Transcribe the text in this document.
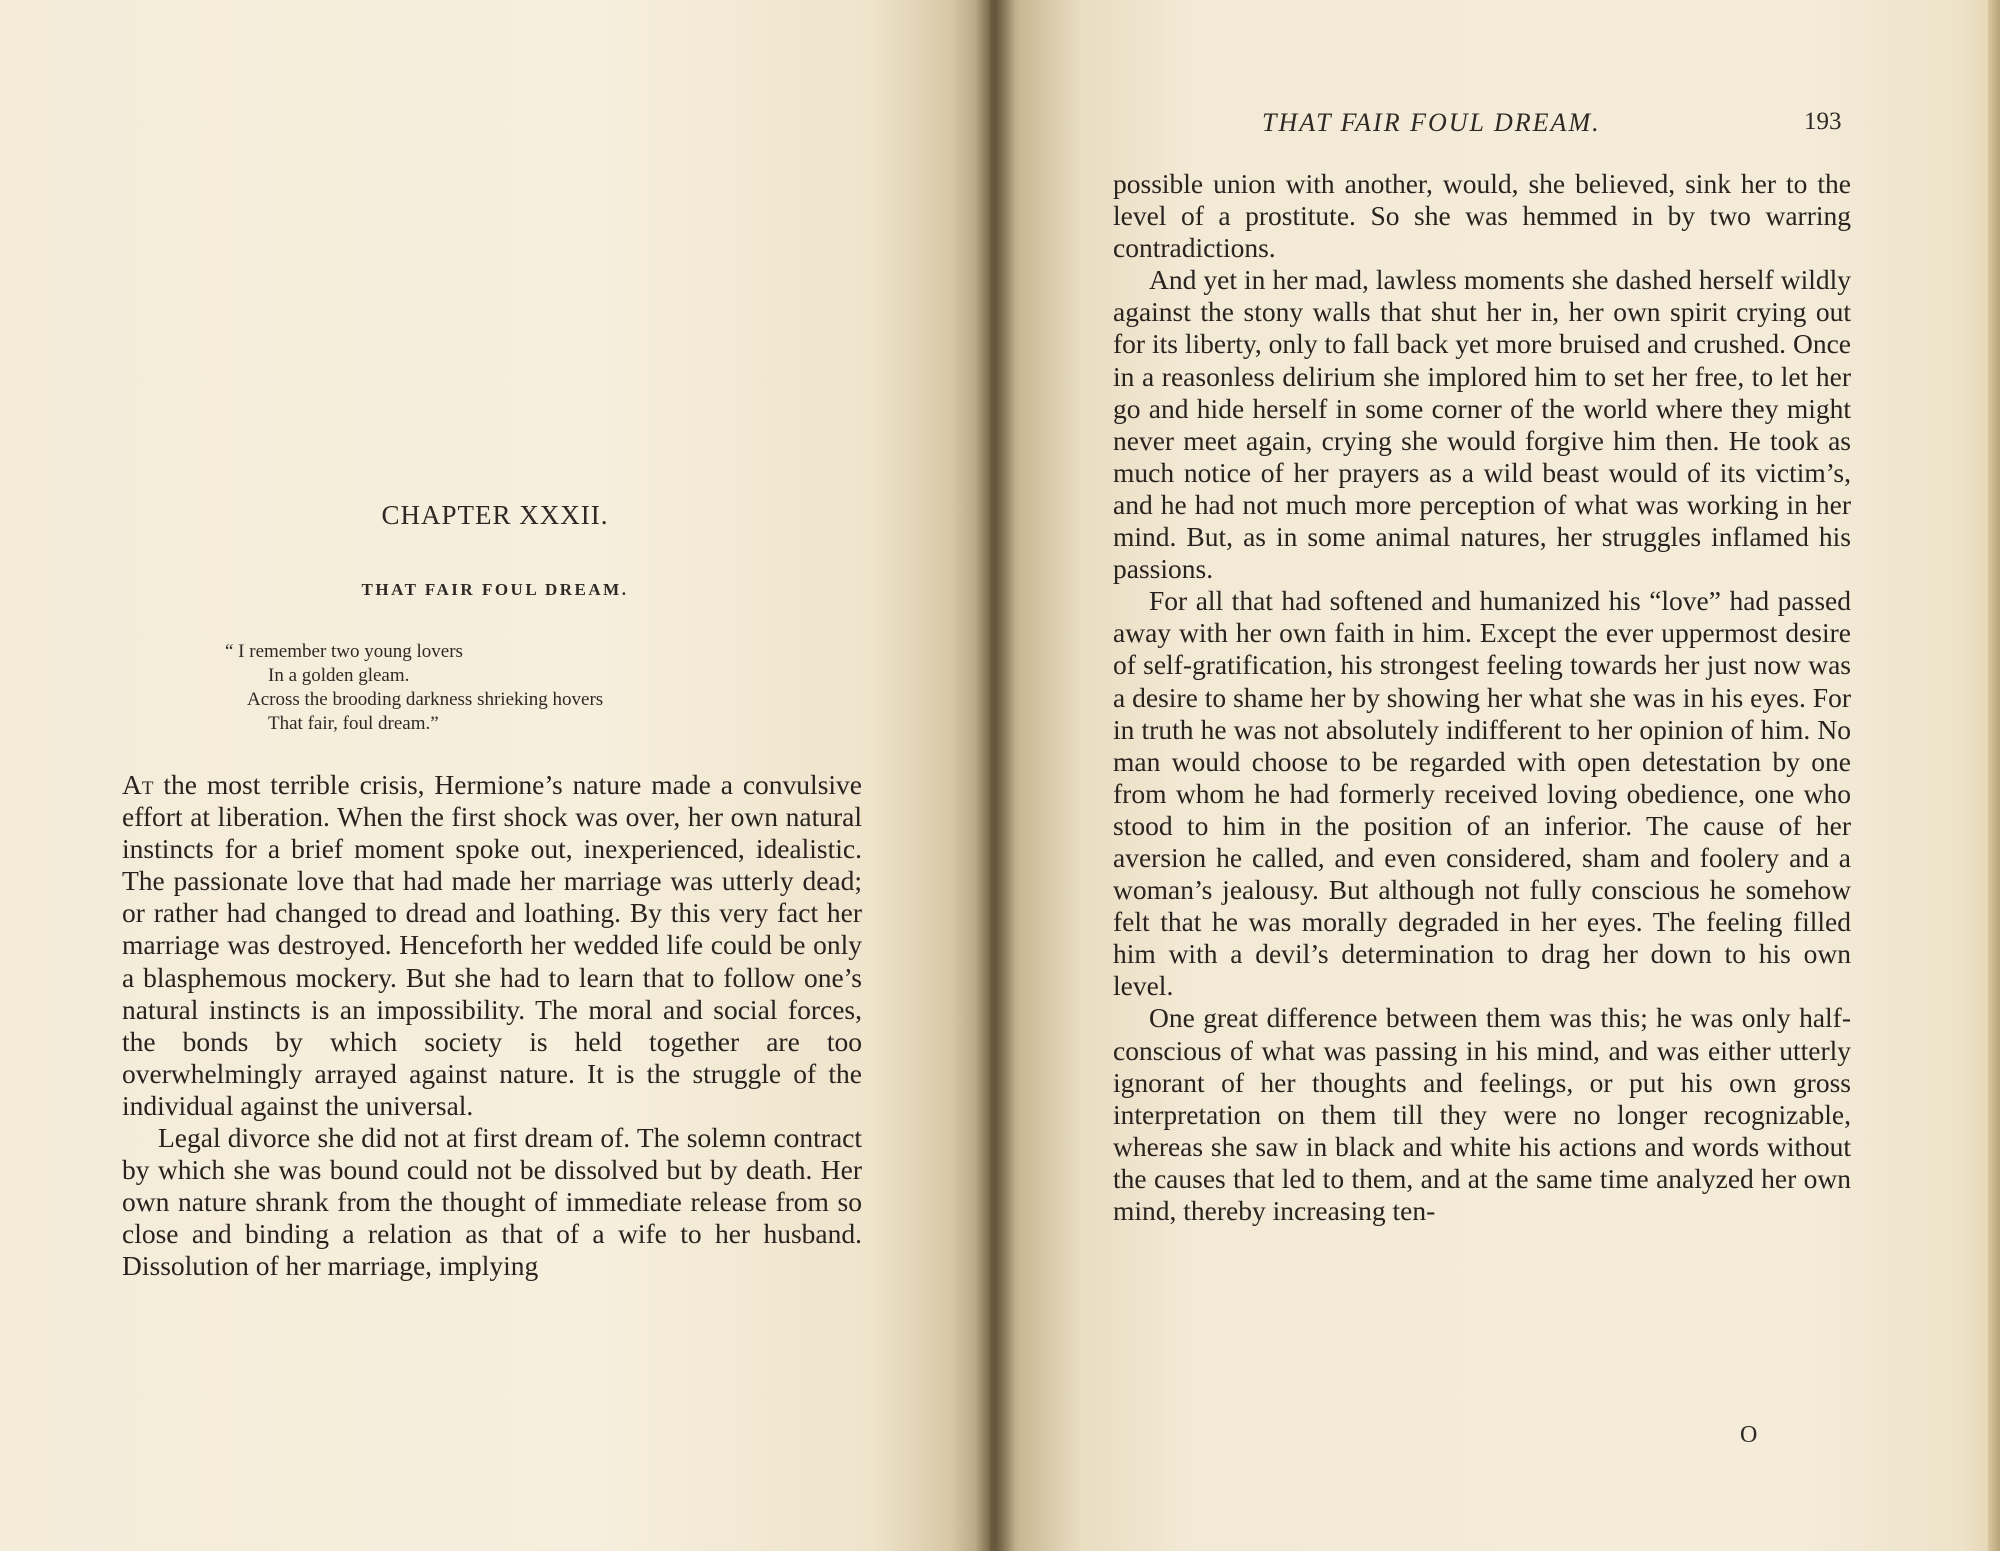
CHAPTER XXXII.
THAT FAIR FOUL DREAM.
“ I remember two young lovers
In a golden gleam.
Across the brooding darkness shrieking hovers
That fair, foul dream.”

At the most terrible crisis, Hermione’s nature made a convulsive effort at liberation. When the first shock was over, her own natural instincts for a brief moment spoke out, inexperienced, idealistic. The passionate love that had made her marriage was utterly dead; or rather had changed to dread and loathing. By this very fact her marriage was destroyed. Henceforth her wedded life could be only a blasphemous mockery. But she had to learn that to follow one’s natural instincts is an impossibility. The moral and social forces, the bonds by which society is held together are too overwhelmingly arrayed against nature. It is the struggle of the individual against the universal.

Legal divorce she did not at first dream of. The solemn contract by which she was bound could not be dissolved but by death. Her own nature shrank from the thought of immediate release from so close and binding a relation as that of a wife to her husband. Dissolution of her marriage, implying

THAT FAIR FOUL DREAM.	193

possible union with another, would, she believed, sink her to the level of a prostitute. So she was hemmed in by two warring contradictions.

And yet in her mad, lawless moments she dashed herself wildly against the stony walls that shut her in, her own spirit crying out for its liberty, only to fall back yet more bruised and crushed. Once in a reasonless delirium she implored him to set her free, to let her go and hide herself in some corner of the world where they might never meet again, crying she would forgive him then. He took as much notice of her prayers as a wild beast would of its victim’s, and he had not much more perception of what was working in her mind. But, as in some animal natures, her struggles inflamed his passions.

For all that had softened and humanized his “love” had passed away with her own faith in him. Except the ever uppermost desire of self-gratification, his strongest feeling towards her just now was a desire to shame her by showing her what she was in his eyes. For in truth he was not absolutely indifferent to her opinion of him. No man would choose to be regarded with open detestation by one from whom he had formerly received loving obedience, one who stood to him in the position of an inferior. The cause of her aversion he called, and even considered, sham and foolery and a woman’s jealousy. But although not fully conscious he somehow felt that he was morally degraded in her eyes. The feeling filled him with a devil’s determination to drag her down to his own level.

One great difference between them was this; he was only half-conscious of what was passing in his mind, and was either utterly ignorant of her thoughts and feelings, or put his own gross interpretation on them till they were no longer recognizable, whereas she saw in black and white his actions and words without the causes that led to them, and at the same time analyzed her own mind, thereby increasing ten-

O
